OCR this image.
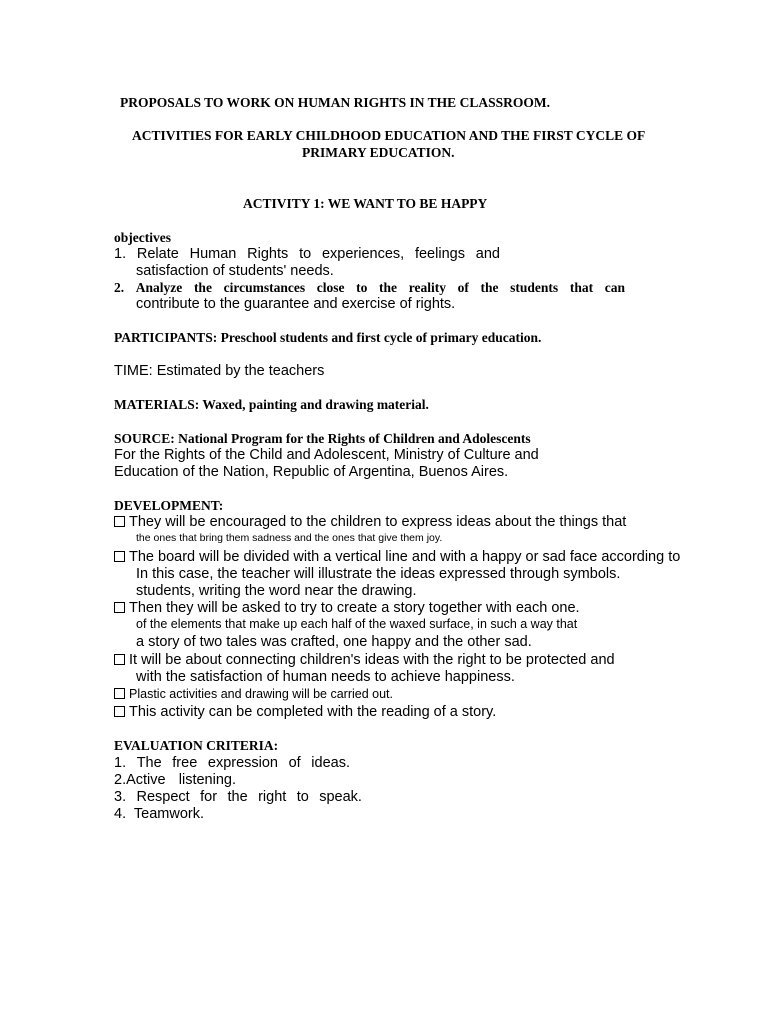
PROPOSALS TO WORK ON HUMAN RIGHTS IN THE CLASSROOM.
ACTIVITIES FOR EARLY CHILDHOOD EDUCATION AND THE FIRST CYCLE OF
PRIMARY EDUCATION.
ACTIVITY 1: WE WANT TO BE HAPPY
objectives
1. Relate Human Rights to experiences, feelings and
satisfaction of students' needs.
2. Analyze the circumstances close to the reality of the students that can
contribute to the guarantee and exercise of rights.
PARTICIPANTS: Preschool students and first cycle of primary education.
TIME: Estimated by the teachers
MATERIALS: Waxed, painting and drawing material.
SOURCE: National Program for the Rights of Children and Adolescents
For the Rights of the Child and Adolescent, Ministry of Culture and
Education of the Nation, Republic of Argentina, Buenos Aires.
DEVELOPMENT:
They will be encouraged to the children to express ideas about the things that
the ones that bring them sadness and the ones that give them joy.
The board will be divided with a vertical line and with a happy or sad face according to
In this case, the teacher will illustrate the ideas expressed through symbols.
students, writing the word near the drawing.
Then they will be asked to try to create a story together with each one.
of the elements that make up each half of the waxed surface, in such a way that
a story of two tales was crafted, one happy and the other sad.
It will be about connecting children's ideas with the right to be protected and
with the satisfaction of human needs to achieve happiness.
Plastic activities and drawing will be carried out.
This activity can be completed with the reading of a story.
EVALUATION CRITERIA:
1. The free expression of ideas.
2.Active listening.
3. Respect for the right to speak.
4.  Teamwork.
